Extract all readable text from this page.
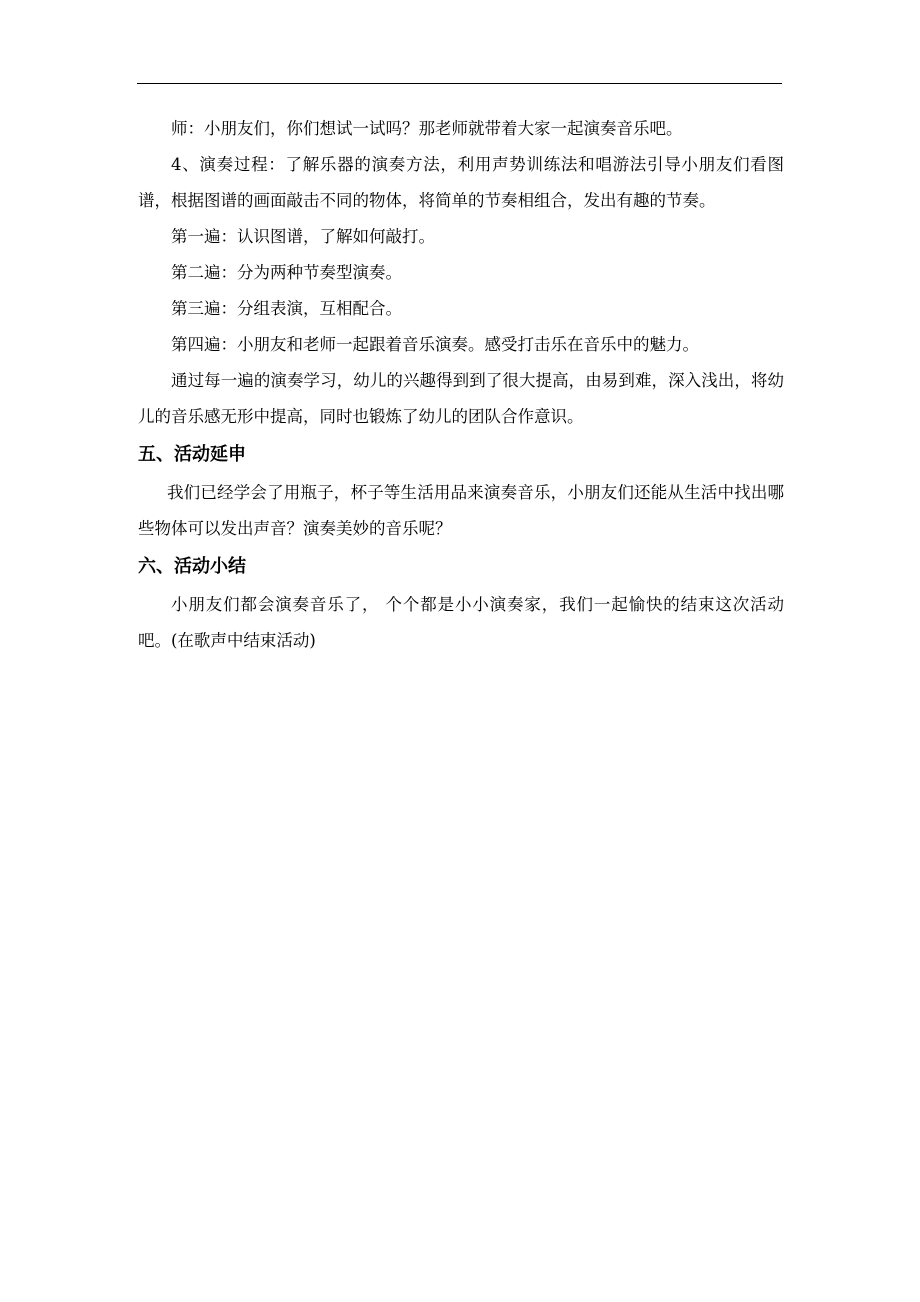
师：小朋友们，你们想试一试吗？那老师就带着大家一起演奏音乐吧。

4、演奏过程：了解乐器的演奏方法，利用声势训练法和唱游法引导小朋友们看图谱，根据图谱的画面敲击不同的物体，将简单的节奏相组合，发出有趣的节奏。

第一遍：认识图谱，了解如何敲打。

第二遍：分为两种节奏型演奏。

第三遍：分组表演，互相配合。

第四遍：小朋友和老师一起跟着音乐演奏。感受打击乐在音乐中的魅力。

通过每一遍的演奏学习，幼儿的兴趣得到到了很大提高，由易到难，深入浅出，将幼儿的音乐感无形中提高，同时也锻炼了幼儿的团队合作意识。

五、活动延申

我们已经学会了用瓶子，杯子等生活用品来演奏音乐，小朋友们还能从生活中找出哪些物体可以发出声音？演奏美妙的音乐呢？

六、活动小结

小朋友们都会演奏音乐了， 个个都是小小演奏家，我们一起愉快的结束这次活动吧。(在歌声中结束活动)
